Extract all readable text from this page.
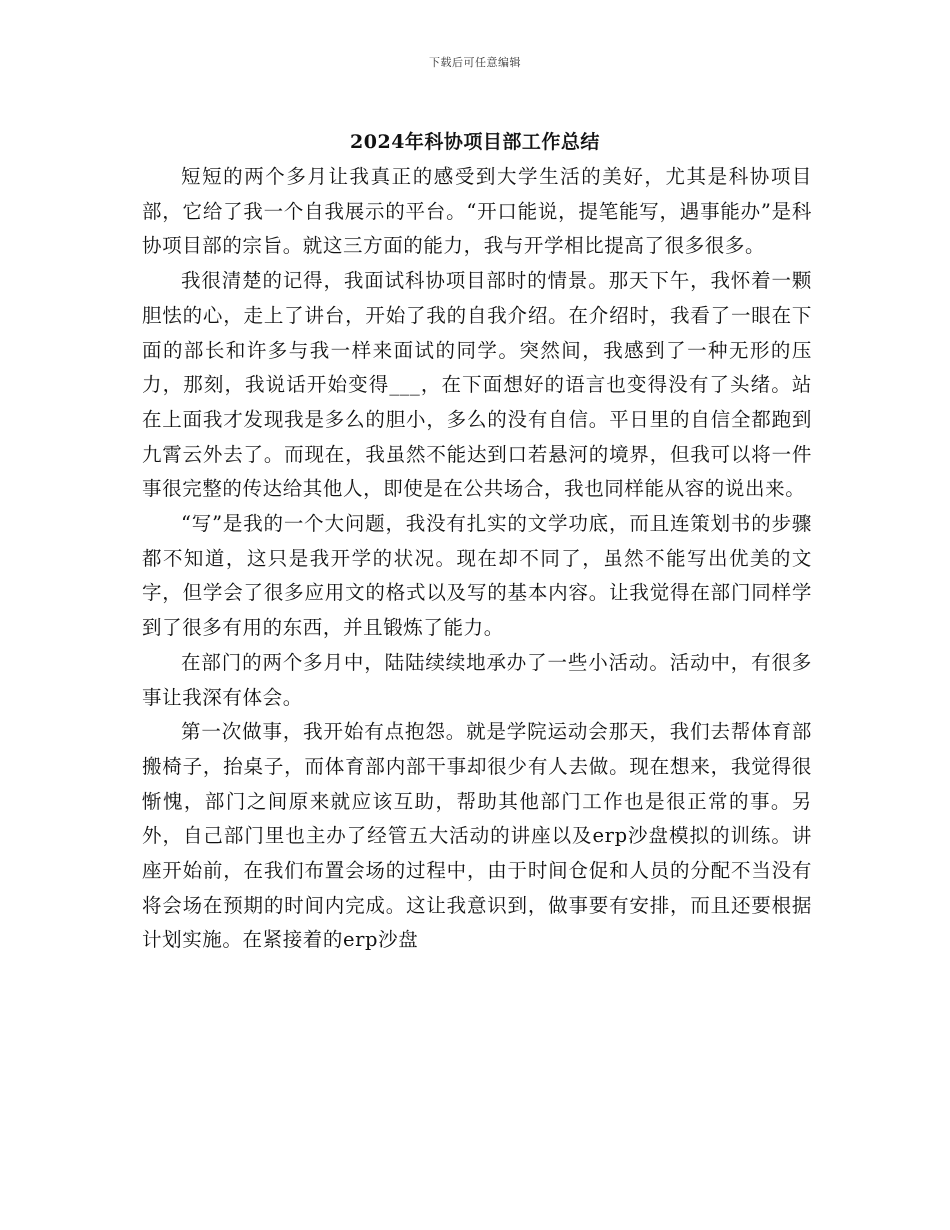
下载后可任意编辑
2024年科协项目部工作总结

短短的两个多月让我真正的感受到大学生活的美好，尤其是科协项目部，它给了我一个自我展示的平台。“开口能说，提笔能写，遇事能办”是科协项目部的宗旨。就这三方面的能力，我与开学相比提高了很多很多。

我很清楚的记得，我面试科协项目部时的情景。那天下午，我怀着一颗胆怯的心，走上了讲台，开始了我的自我介绍。在介绍时，我看了一眼在下面的部长和许多与我一样来面试的同学。突然间，我感到了一种无形的压力，那刻，我说话开始变得___，在下面想好的语言也变得没有了头绪。站在上面我才发现我是多么的胆小，多么的没有自信。平日里的自信全都跑到九霄云外去了。而现在，我虽然不能达到口若悬河的境界，但我可以将一件事很完整的传达给其他人，即使是在公共场合，我也同样能从容的说出来。

“写”是我的一个大问题，我没有扎实的文学功底，而且连策划书的步骤都不知道，这只是我开学的状况。现在却不同了，虽然不能写出优美的文字，但学会了很多应用文的格式以及写的基本内容。让我觉得在部门同样学到了很多有用的东西，并且锻炼了能力。

在部门的两个多月中，陆陆续续地承办了一些小活动。活动中，有很多事让我深有体会。

第一次做事，我开始有点抱怨。就是学院运动会那天，我们去帮体育部搬椅子，抬桌子，而体育部内部干事却很少有人去做。现在想来，我觉得很惭愧，部门之间原来就应该互助，帮助其他部门工作也是很正常的事。另外，自己部门里也主办了经管五大活动的讲座以及erp沙盘模拟的训练。讲座开始前，在我们布置会场的过程中，由于时间仓促和人员的分配不当没有将会场在预期的时间内完成。这让我意识到，做事要有安排，而且还要根据计划实施。在紧接着的erp沙盘
